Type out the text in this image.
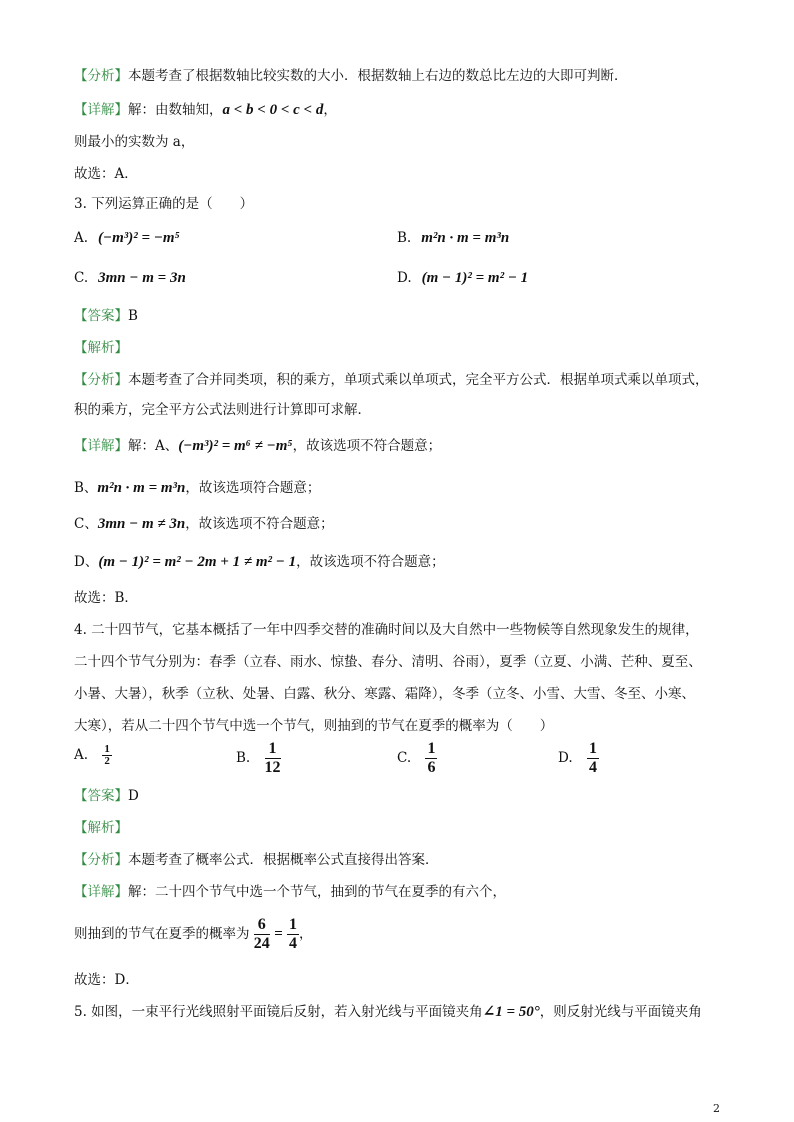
【分析】本题考查了根据数轴比较实数的大小．根据数轴上右边的数总比左边的大即可判断．
【详解】解：由数轴知，a < b < 0 < c < d，
则最小的实数为 a，
故选：A．
3. 下列运算正确的是（　　）
A. (−m³)² = −m⁵	B. m²n · m = m³n
C. 3mn − m = 3n	D. (m − 1)² = m² − 1
【答案】B
【解析】
【分析】本题考查了合并同类项，积的乘方，单项式乘以单项式，完全平方公式．根据单项式乘以单项式，
积的乘方，完全平方公式法则进行计算即可求解．
【详解】解：A、(−m³)² = m⁶ ≠ −m⁵，故该选项不符合题意；
B、m²n · m = m³n，故该选项符合题意；
C、3mn − m ≠ 3n，故该选项不符合题意；
D、(m − 1)² = m² − 2m + 1 ≠ m² − 1，故该选项不符合题意；
故选：B．
4. 二十四节气，它基本概括了一年中四季交替的准确时间以及大自然中一些物候等自然现象发生的规律，
二十四个节气分别为：春季（立春、雨水、惊蛰、春分、清明、谷雨），夏季（立夏、小满、芒种、夏至、
小暑、大暑），秋季（立秋、处暑、白露、秋分、寒露、霜降），冬季（立冬、小雪、大雪、冬至、小寒、
大寒），若从二十四个节气中选一个节气，则抽到的节气在夏季的概率为（　　）
A. $\frac{1}{2}$	B. $\frac{1}{12}$	C. $\frac{1}{6}$	D. $\frac{1}{4}$
【答案】D
【解析】
【分析】本题考查了概率公式．根据概率公式直接得出答案．
【详解】解：二十四个节气中选一个节气，抽到的节气在夏季的有六个，
则抽到的节气在夏季的概率为 $\frac{6}{24} = \frac{1}{4}$ ，
故选：D．
5. 如图，一束平行光线照射平面镜后反射，若入射光线与平面镜夹角∠1 = 50°，则反射光线与平面镜夹角
2
